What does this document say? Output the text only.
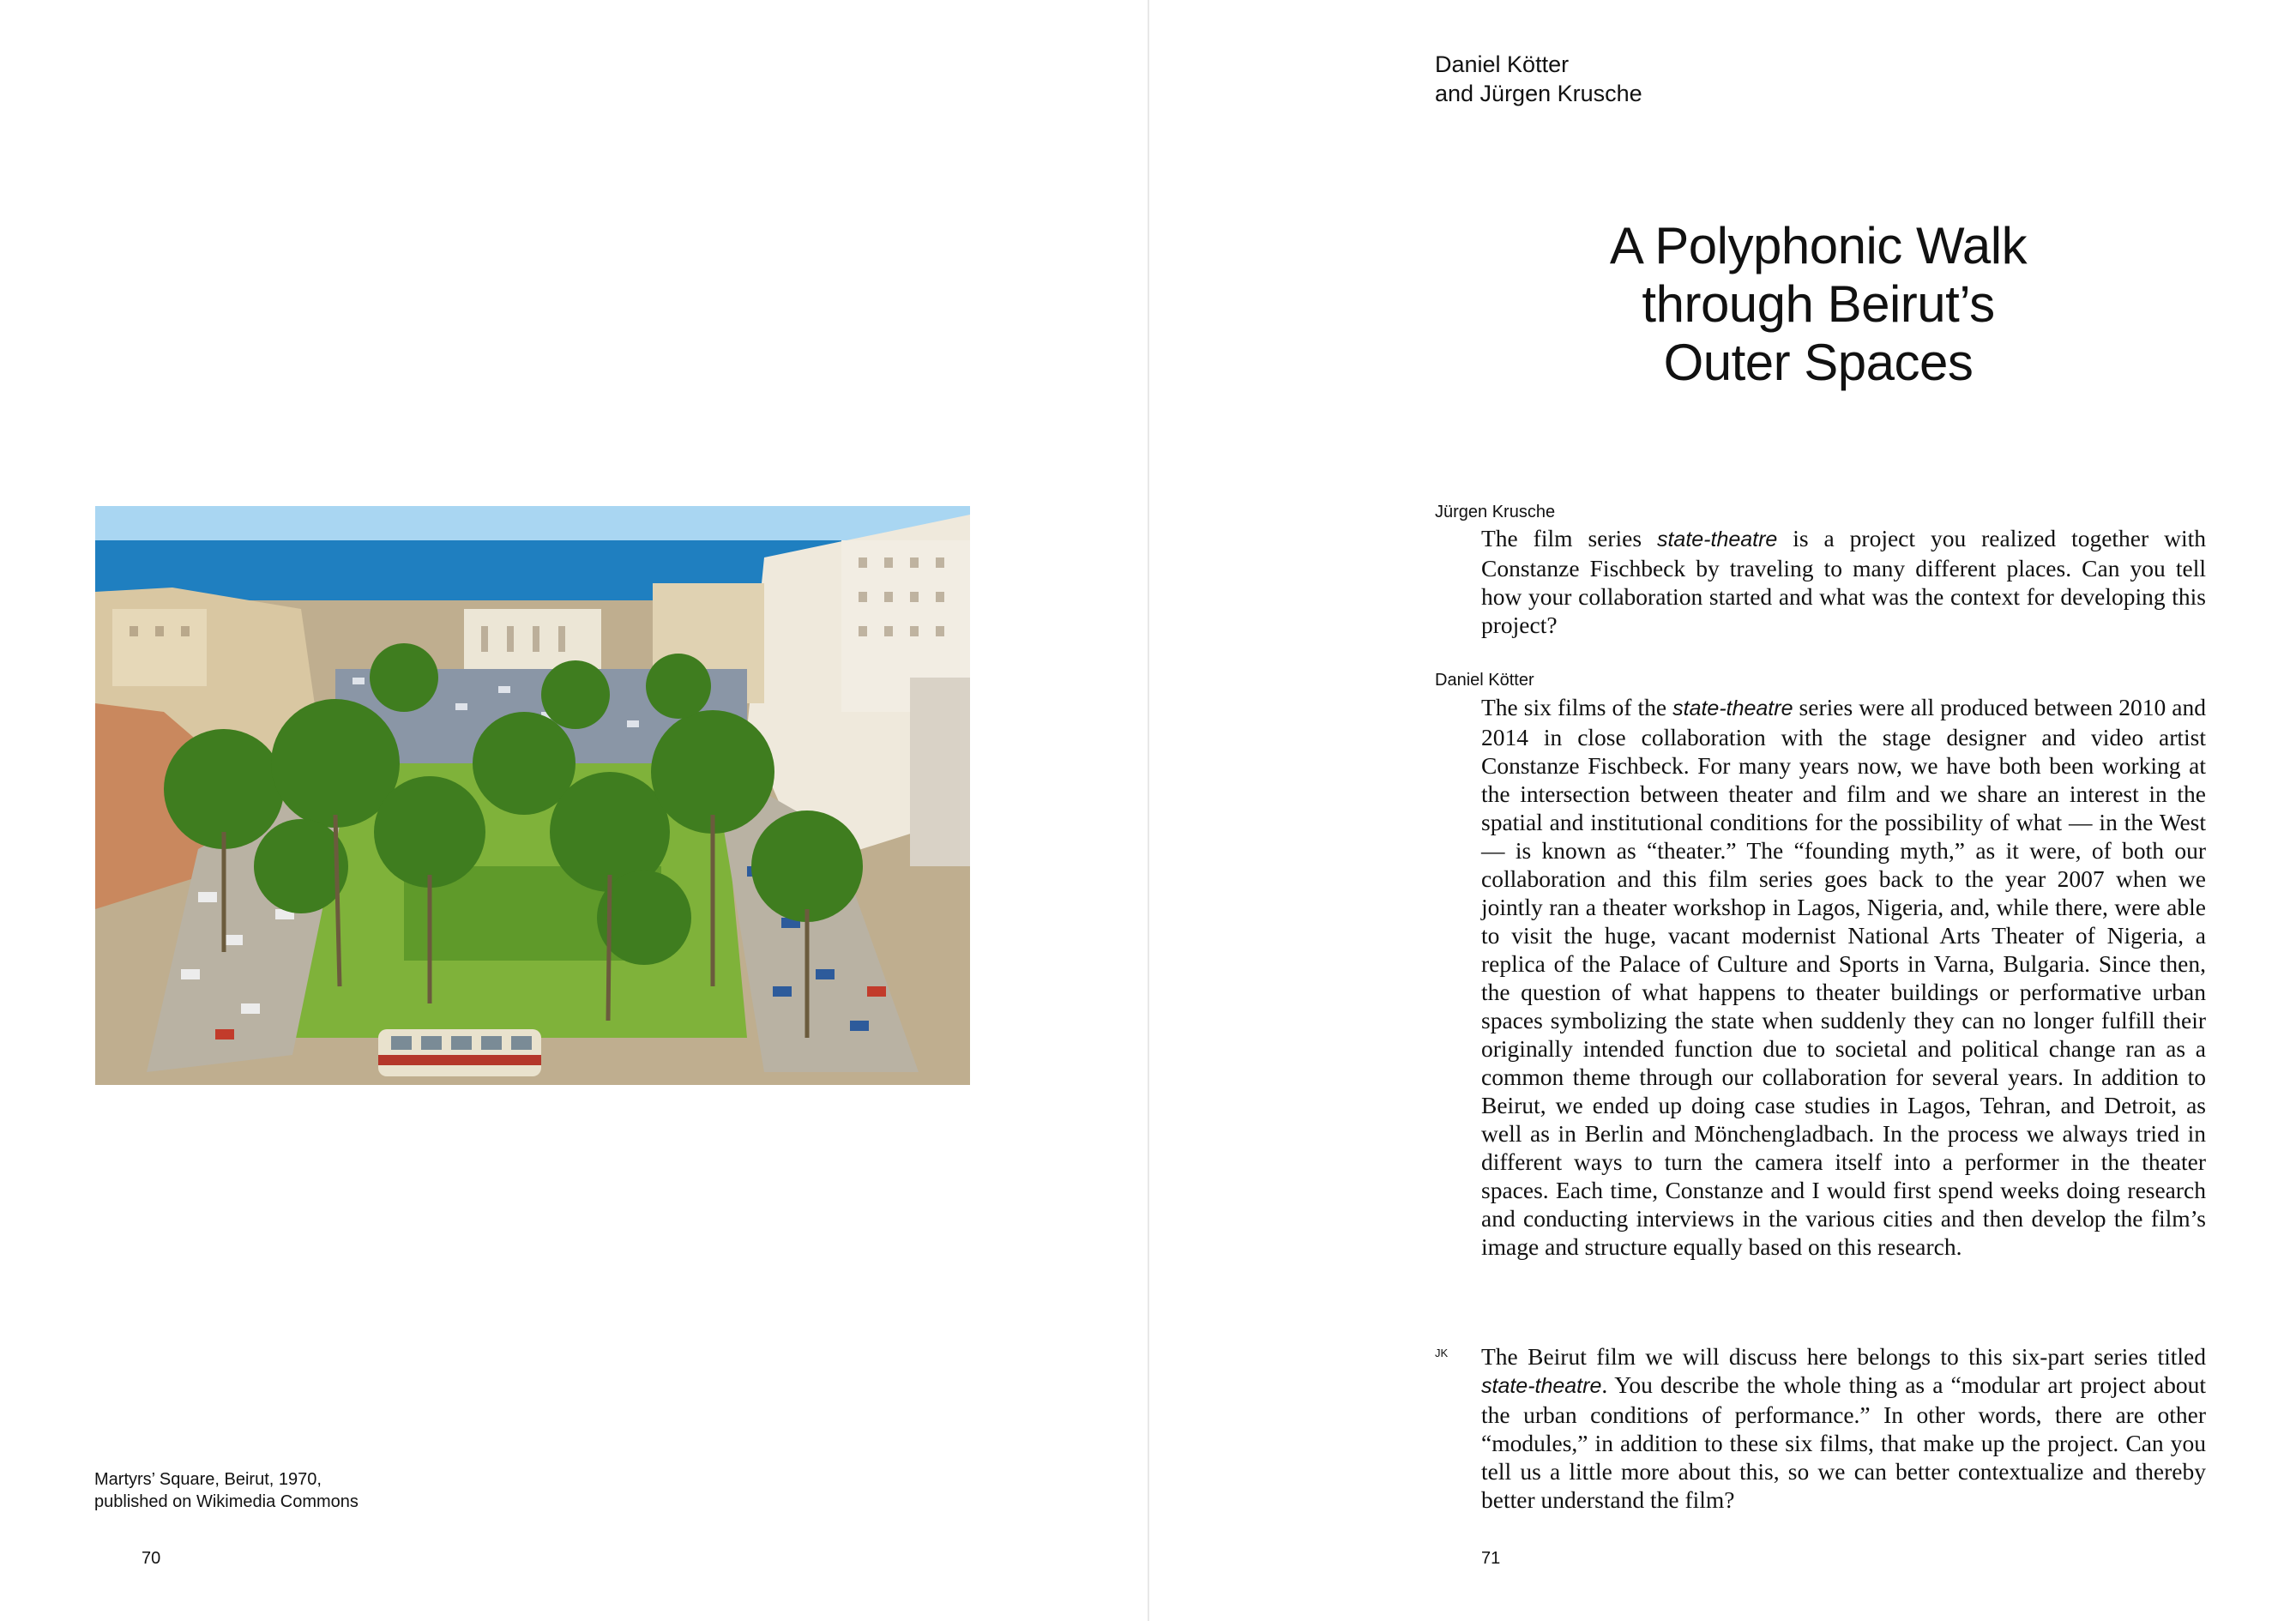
Martyrs’ Square, Beirut, 1970,
published on Wikimedia Commons
70
Daniel Kötter
and Jürgen Krusche
A Polyphonic Walk
through Beirut’s
Outer Spaces
Jürgen Krusche

The film series state-theatre is a project you realized together with Constanze Fischbeck by traveling to many different places. Can you tell how your collaboration started and what was the context for developing this project?

Daniel Kötter

The six films of the state-theatre series were all produced between 2010 and 2014 in close collaboration with the stage designer and video artist Constanze Fischbeck. For many years now, we have both been working at the intersection between theater and film and we share an interest in the spatial and institutional conditions for the possibility of what — in the West — is known as “theater.” The “founding myth,” as it were, of both our collaboration and this film series goes back to the year 2007 when we jointly ran a theater workshop in Lagos, Nigeria, and, while there, were able to visit the huge, vacant modernist National Arts Theater of Nigeria, a replica of the Palace of Culture and Sports in Varna, Bulgaria. Since then, the question of what happens to theater buildings or performative urban spaces symbolizing the state when suddenly they can no longer fulfill their originally intended function due to societal and political change ran as a common theme through our collaboration for several years. In addition to Beirut, we ended up doing case studies in Lagos, Tehran, and Detroit, as well as in Berlin and Mönchengladbach. In the process we always tried in different ways to turn the camera itself into a performer in the theater spaces. Each time, Constanze and I would first spend weeks doing research and conducting interviews in the various cities and then develop the film’s image and structure equally based on this research.

JK The Beirut film we will discuss here belongs to this six-part series titled state-theatre. You describe the whole thing as a “modular art project about the urban conditions of performance.” In other words, there are other “modules,” in addition to these six films, that make up the project. Can you tell us a little more about this, so we can better contextualize and thereby better understand the film?

71
